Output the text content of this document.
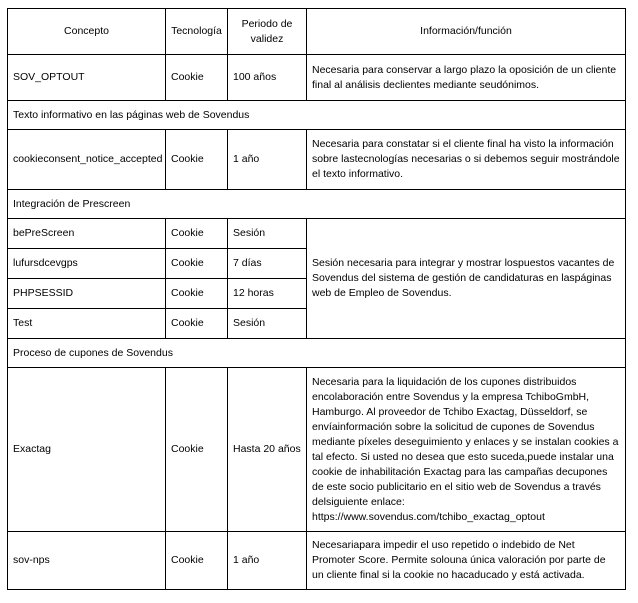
Concepto	Tecnología	Periodo de validez	Información/función
SOV_OPTOUT	Cookie	100 años	Necesaria para conservar a largo plazo la oposición de un cliente final al análisis declientes mediante seudónimos.
Texto informativo en las páginas web de Sovendus			
cookieconsent_notice_accepted	Cookie	1 año	Necesaria para constatar si el cliente final ha visto la información sobre lastecnologías necesarias o si debemos seguir mostrándole el texto informativo.
Integración de Prescreen			
bePreScreen	Cookie	Sesión	Sesión necesaria para integrar y mostrar lospuestos vacantes de Sovendus del sistema de gestión de candidaturas en laspáginas web de Empleo de Sovendus.
lufursdcevgps	Cookie	7 días	
PHPSESSID	Cookie	12 horas	
Test	Cookie	Sesión	
Proceso de cupones de Sovendus			
Exactag	Cookie	Hasta 20 años	Necesaria para la liquidación de los cupones distribuidos encolaboración entre Sovendus y la empresa TchiboGmbH, Hamburgo. Al proveedor de Tchibo Exactag, Düsseldorf, se envíainformación sobre la solicitud de cupones de Sovendus mediante píxeles deseguimiento y enlaces y se instalan cookies a tal efecto. Si usted no desea que esto suceda,puede instalar una cookie de inhabilitación Exactag para las campañas decupones de este socio publicitario en el sitio web de Sovendus a través delsiguiente enlace:
https://www.sovendus.com/tchibo_exactag_optout
sov-nps	Cookie	1 año	Necesariapara impedir el uso repetido o indebido de Net Promoter Score. Permite solouna única valoración por parte de un cliente final si la cookie no hacaducado y está activada.
